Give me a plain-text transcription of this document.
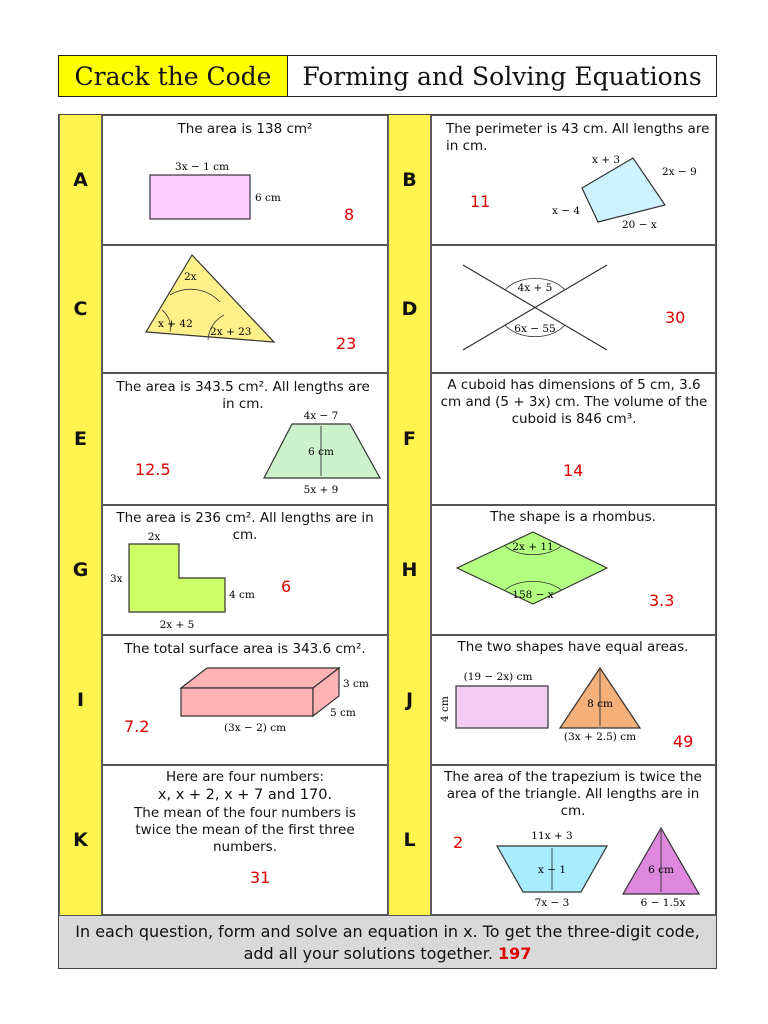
Crack the Code	Forming and Solving Equations
A	B
C	D
E	F
G	H
I	J
K	L
The area is 138 cm²
3x − 1 cm
6 cm
8
The perimeter is 43 cm. All lengths are in cm.
x + 3
2x − 9
x − 4
20 − x
11
2x
x + 42
2x + 23
23
4x + 5
6x − 55
30
The area is 343.5 cm². All lengths are in cm.
4x − 7
6 cm
5x + 9
12.5
A cuboid has dimensions of 5 cm, 3.6 cm and (5 + 3x) cm. The volume of the cuboid is 846 cm³.
14
The area is 236 cm². All lengths are in cm.
2x
3x
4 cm
2x + 5
6
The shape is a rhombus.
2x + 11
158 − x	3.3
The total surface area is 343.6 cm².
3 cm
5 cm
(3x − 2) cm
7.2
The two shapes have equal areas.
(19 − 2x) cm
4 cm	8 cm
(3x + 2.5) cm 49
Here are four numbers:
x, x + 2, x + 7 and 170.
The mean of the four numbers is twice the mean of the first three numbers.
31
The area of the trapezium is twice the area of the triangle. All lengths are in cm.
11x + 3
x − 1
7x − 3
6 cm
6 − 1.5x
2
In each question, form and solve an equation in x. To get the three-digit code, add all your solutions together. 197
